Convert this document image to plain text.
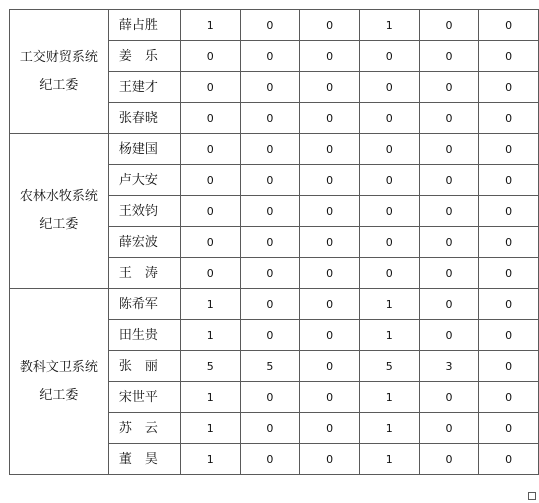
工交财贸系统
纪工委	薛占胜	1	0	0	1	0	0
	姜　乐	0	0	0	0	0	0
	王建才	0	0	0	0	0	0
	张春晓	0	0	0	0	0	0

农林水牧系统
纪工委	杨建国	0	0	0	0	0	0
	卢大安	0	0	0	0	0	0
	王效钧	0	0	0	0	0	0
	薛宏波	0	0	0	0	0	0
	王　涛	0	0	0	0	0	0

教科文卫系统
纪工委	陈希军	1	0	0	1	0	0
	田生贵	1	0	0	1	0	0
	张　丽	5	5	0	5	3	0
	宋世平	1	0	0	1	0	0
	苏　云	1	0	0	1	0	0
	董　昊	1	0	0	1	0	0
